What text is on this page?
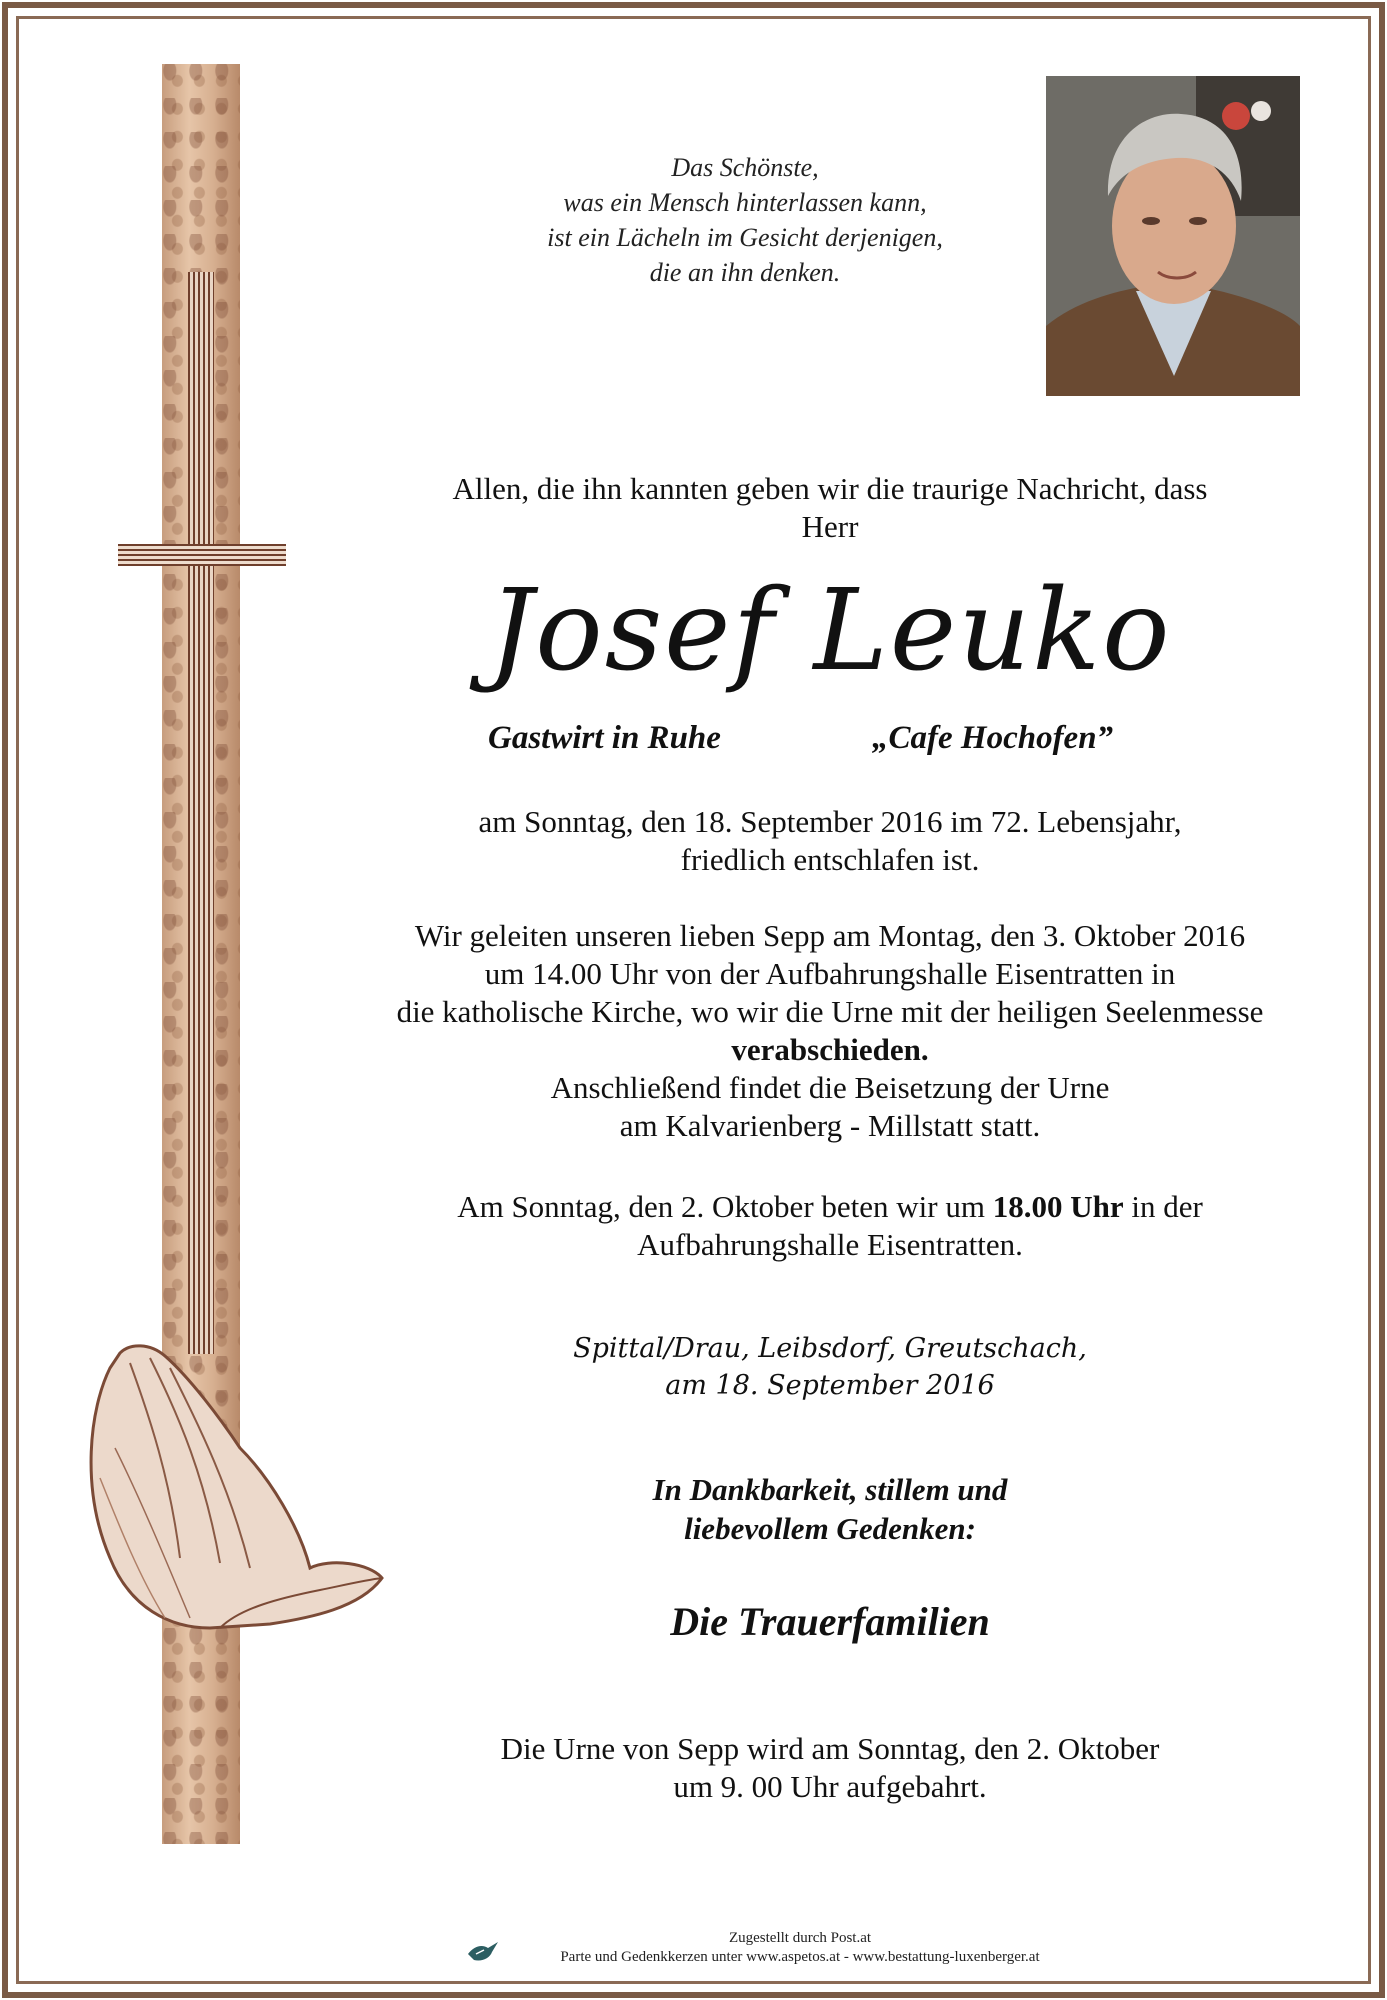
Das Schönste,
was ein Mensch hinterlassen kann,
ist ein Lächeln im Gesicht derjenigen,
die an ihn denken.
Allen, die ihn kannten geben wir die traurige Nachricht, dass
Herr
Josef Leuko
Gastwirt in Ruhe	„Cafe Hochofen”
am Sonntag, den 18. September 2016 im 72. Lebensjahr,
friedlich entschlafen ist.
Wir geleiten unseren lieben Sepp am Montag, den 3. Oktober 2016
um 14.00 Uhr von der Aufbahrungshalle Eisentratten in
die katholische Kirche, wo wir die Urne mit der heiligen Seelenmesse
verabschieden.
Anschließend findet die Beisetzung der Urne
am Kalvarienberg - Millstatt statt.
Am Sonntag, den 2. Oktober beten wir um 18.00 Uhr in der
Aufbahrungshalle Eisentratten.
Spittal/Drau, Leibsdorf, Greutschach,
am 18. September 2016
In Dankbarkeit, stillem und
liebevollem Gedenken:
Die Trauerfamilien
Die Urne von Sepp wird am Sonntag, den 2. Oktober
um 9. 00 Uhr aufgebahrt.
Zugestellt durch Post.at
Parte und Gedenkkerzen unter www.aspetos.at - www.bestattung-luxenberger.at
